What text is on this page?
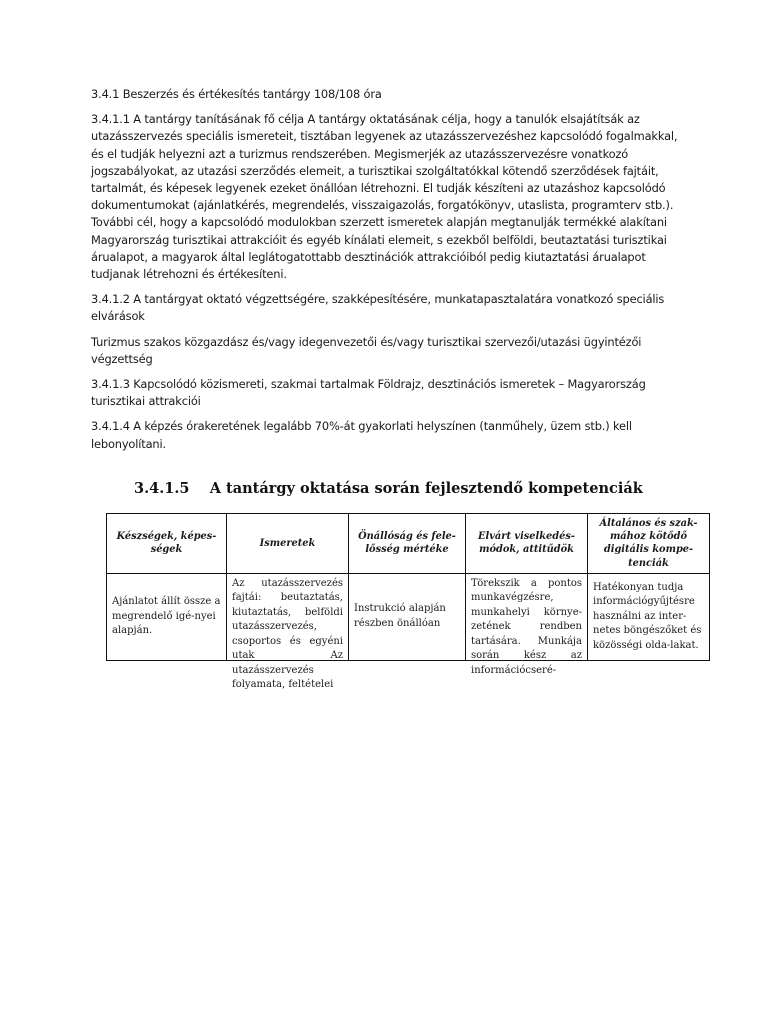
3.4.1 Beszerzés és értékesítés tantárgy 108/108 óra

3.4.1.1 A tantárgy tanításának fő célja A tantárgy oktatásának célja, hogy a tanulók elsajátítsák az utazásszervezés speciális ismereteit, tisztában legyenek az utazásszervezéshez kapcsolódó fogalmakkal, és el tudják helyezni azt a turizmus rendszerében. Megismerjék az utazásszervezésre vonatkozó jogszabályokat, az utazási szerződés elemeit, a turisztikai szolgáltatókkal kötendő szerződések fajtáit, tartalmát, és képesek legyenek ezeket önállóan létrehozni. El tudják készíteni az utazáshoz kapcsolódó dokumentumokat (ajánlatkérés, megrendelés, visszaigazolás, forgatókönyv, utaslista, programterv stb.). További cél, hogy a kapcsolódó modulokban szerzett ismeretek alapján megtanulják termékké alakítani Magyarország turisztikai attrakcióit és egyéb kínálati elemeit, s ezekből belföldi, beutaztatási turisztikai árualapot, a magyarok által leglátogatottabb desztinációk attrakcióiból pedig kiutaztatási árualapot tudjanak létrehozni és értékesíteni.

3.4.1.2 A tantárgyat oktató végzettségére, szakképesítésére, munkatapasztalatára vonatkozó speciális elvárások

Turizmus szakos közgazdász és/vagy idegenvezetői és/vagy turisztikai szervezői/utazási ügyintézői végzettség

3.4.1.3 Kapcsolódó közismereti, szakmai tartalmak Földrajz, desztinációs ismeretek – Magyarország turisztikai attrakciói

3.4.1.4 A képzés órakeretének legalább 70%-át gyakorlati helyszínen (tanműhely, üzem stb.) kell lebonyolítani.

3.4.1.5    A tantárgy oktatása során fejlesztendő kompetenciák
Készségek, képes-ségek	Ismeretek	Önállóság és fele-lősség mértéke	Elvárt viselkedés-módok, attitűdök	Általános és szak-mához kötődő digitális kompe-tenciák

Ajánlatot állít össze a megrendelő igé-nyei alapján.	Az utazásszervezés fajtái: beutaztatás, kiutaztatás, belföldi utazásszervezés, csoportos és egyéni utak Az utazásszervezés folyamata, feltételei	Instrukció alapján részben önállóan	Törekszik a pontos munkavégzésre, munkahelyi környe-zetének rendben tartására. Munkája során kész az információcseré-	Hatékonyan tudja információgyűjtésre használni az inter-netes böngészőket és közösségi olda-lakat.
